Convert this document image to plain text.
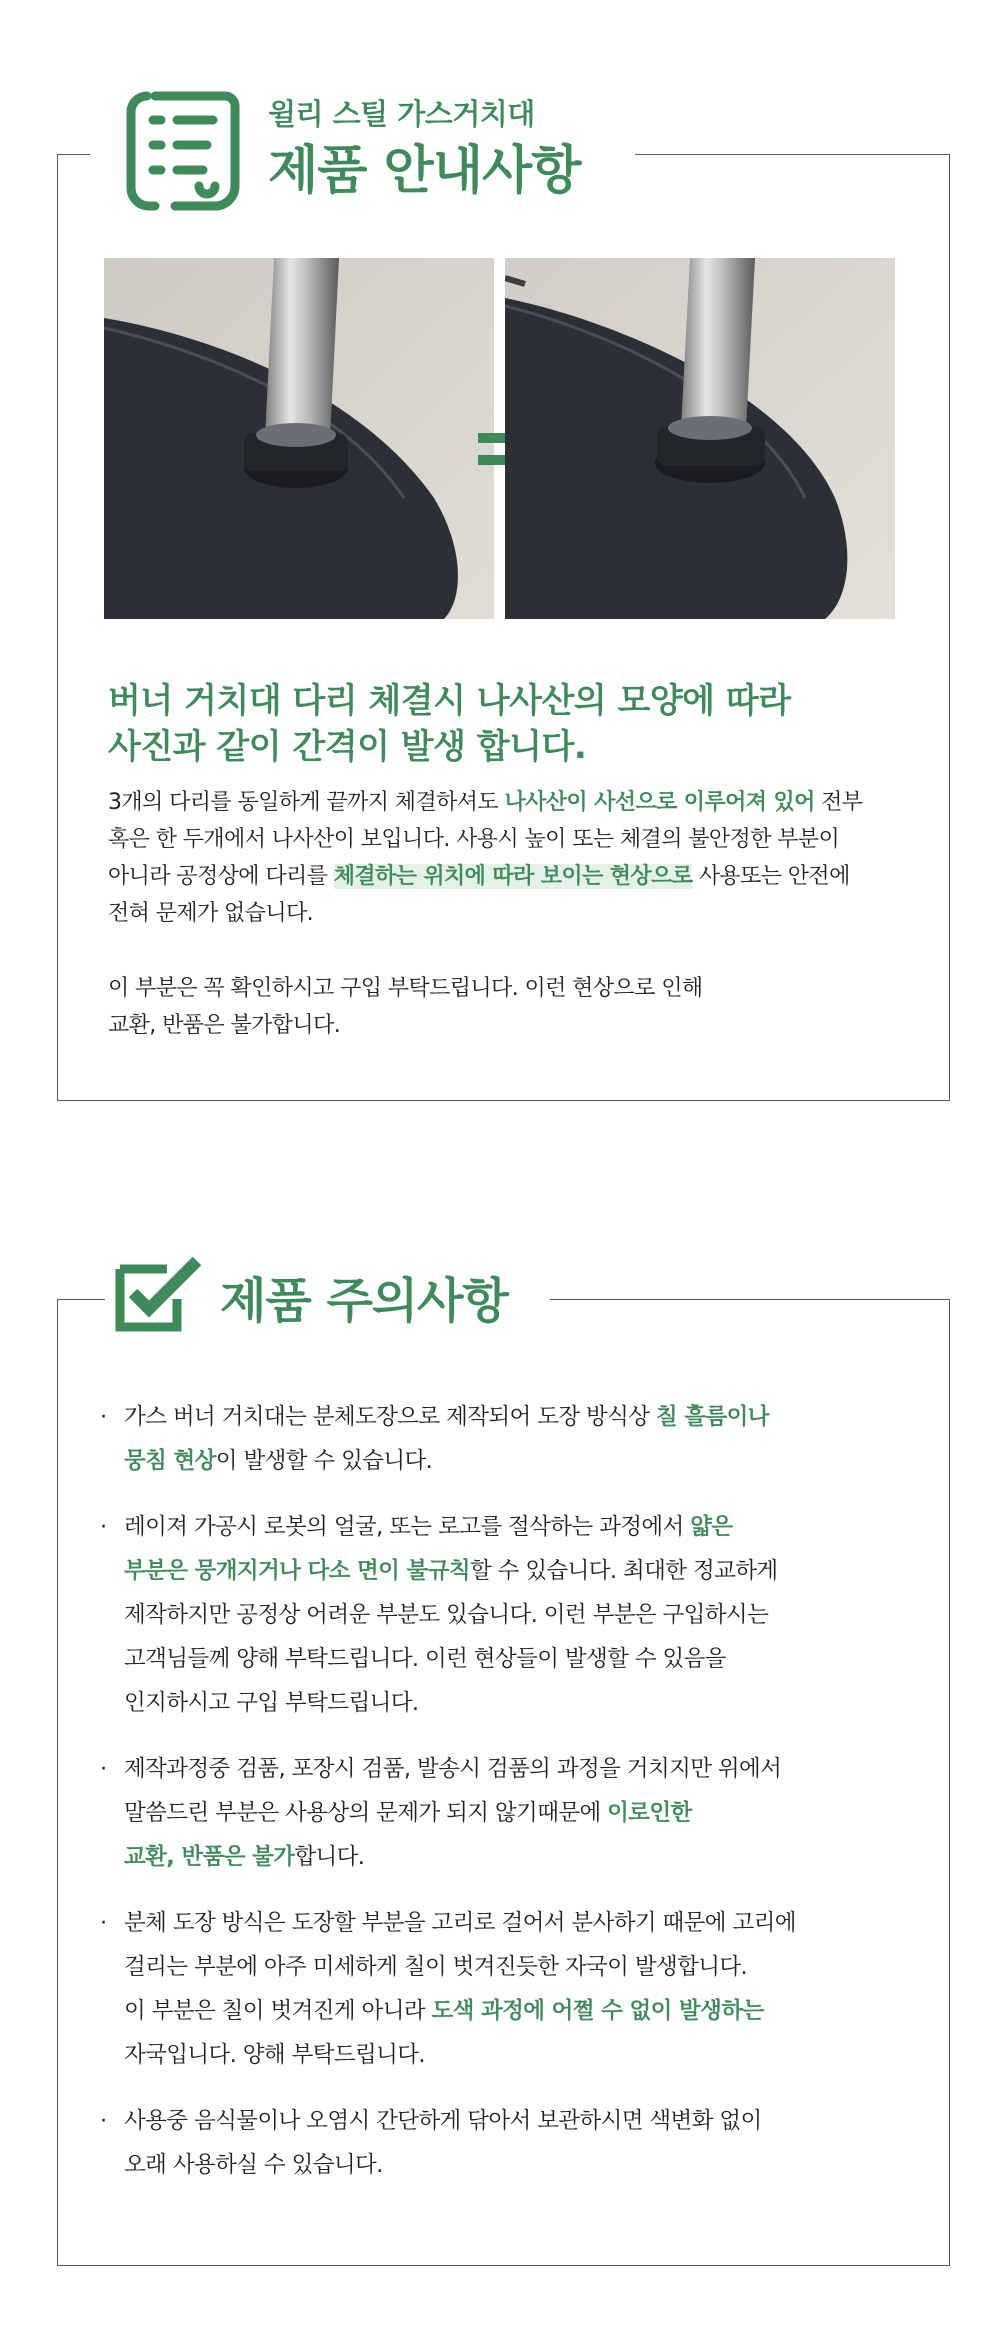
윌리 스틸 가스거치대
제품 안내사항
버너 거치대 다리 체결시 나사산의 모양에 따라
사진과 같이 간격이 발생 합니다.
3개의 다리를 동일하게 끝까지 체결하셔도 나사산이 사선으로 이루어져 있어 전부
혹은 한 두개에서 나사산이 보입니다. 사용시 높이 또는 체결의 불안정한 부분이
아니라 공정상에 다리를 체결하는 위치에 따라 보이는 현상으로 사용또는 안전에
전혀 문제가 없습니다.
이 부분은 꼭 확인하시고 구입 부탁드립니다. 이런 현상으로 인해
교환, 반품은 불가합니다.
제품 주의사항
· 가스 버너 거치대는 분체도장으로 제작되어 도장 방식상 칠 흘름이나
뭉침 현상이 발생할 수 있습니다.
· 레이져 가공시 로봇의 얼굴, 또는 로고를 절삭하는 과정에서 얇은
부분은 뭉개지거나 다소 면이 불규칙할 수 있습니다. 최대한 정교하게
제작하지만 공정상 어려운 부분도 있습니다. 이런 부분은 구입하시는
고객님들께 양해 부탁드립니다. 이런 현상들이 발생할 수 있음을
인지하시고 구입 부탁드립니다.
· 제작과정중 검품, 포장시 검품, 발송시 검품의 과정을 거치지만 위에서
말씀드린 부분은 사용상의 문제가 되지 않기때문에 이로인한
교환, 반품은 불가합니다.
· 분체 도장 방식은 도장할 부분을 고리로 걸어서 분사하기 때문에 고리에
걸리는 부분에 아주 미세하게 칠이 벗겨진듯한 자국이 발생합니다.
이 부분은 칠이 벗겨진게 아니라 도색 과정에 어쩔 수 없이 발생하는
자국입니다. 양해 부탁드립니다.
· 사용중 음식물이나 오염시 간단하게 닦아서 보관하시면 색변화 없이
오래 사용하실 수 있습니다.
